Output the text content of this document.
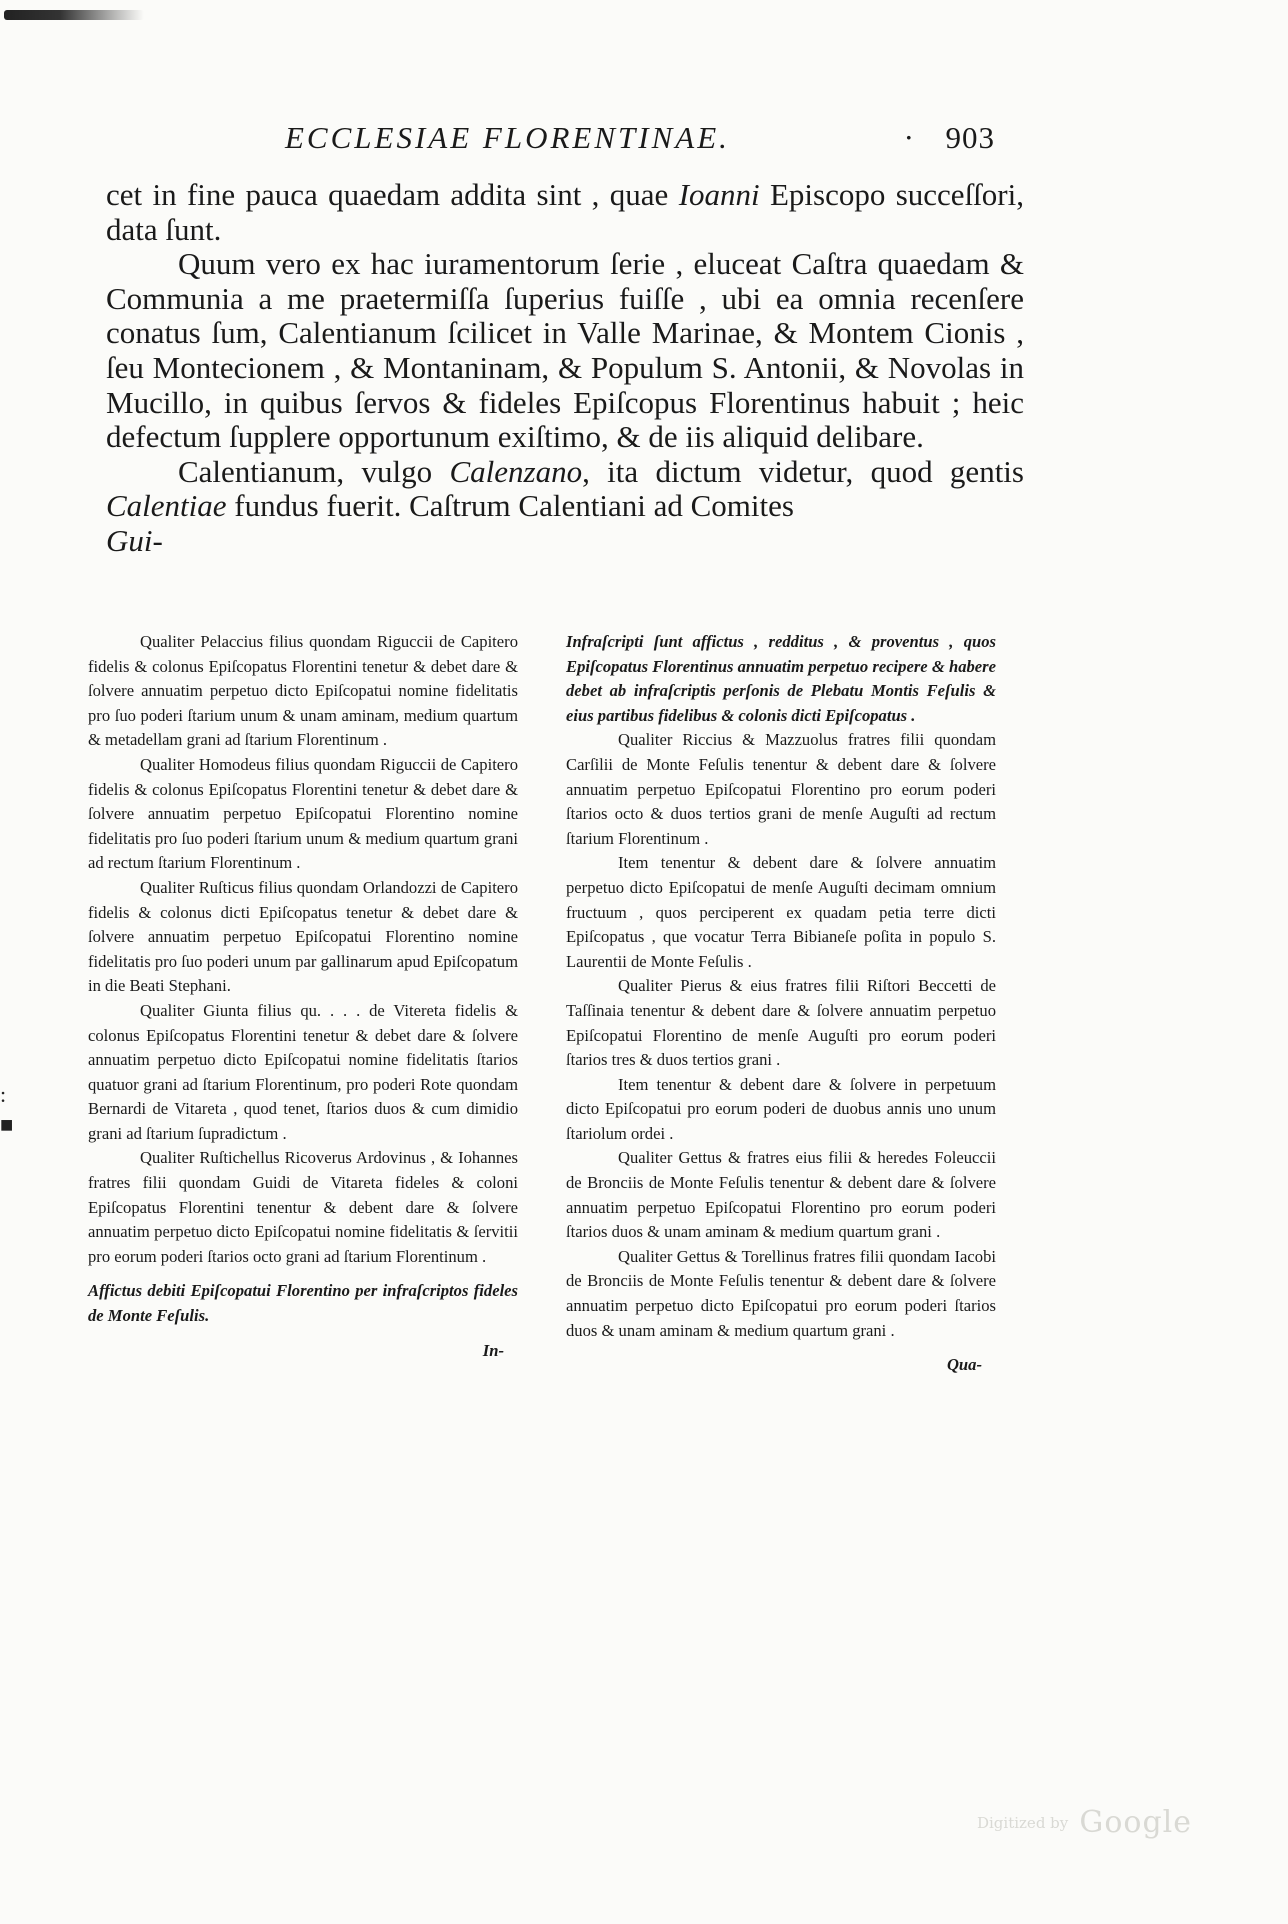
ECCLESIAE FLORENTINAE.	· 903

cet in fine pauca quaedam addita sint , quae Ioanni Episcopo succeſſori, data ſunt.

Quum vero ex hac iuramentorum ſerie , eluceat Caſtra quaedam & Communia a me praetermiſſa ſuperius fuiſſe , ubi ea omnia recenſere conatus ſum, Calentianum ſcilicet in Valle Marinae, & Montem Cionis , ſeu Montecionem , & Montaninam, & Populum S. Antonii, & Novolas in Mucillo, in quibus ſervos & fideles Epiſcopus Florentinus habuit ; heic defectum ſupplere opportunum exiſtimo, & de iis aliquid delibare.

Calentianum, vulgo Calenzano, ita dictum videtur, quod gentis Calentiae fundus fuerit. Caſtrum Calentiani ad Comites

Gui-

:
■

Qualiter Pelaccius filius quondam Riguccii de Capitero fidelis & colonus Epiſcopatus Florentini tenetur & debet dare & ſolvere annuatim perpetuo dicto Epiſcopatui nomine fidelitatis pro ſuo poderi ſtarium unum & unam aminam, medium quartum & metadellam grani ad ſtarium Florentinum .

Qualiter Homodeus filius quondam Riguccii de Capitero fidelis & colonus Epiſcopatus Florentini tenetur & debet dare & ſolvere annuatim perpetuo Epiſcopatui Florentino nomine fidelitatis pro ſuo poderi ſtarium unum & medium quartum grani ad rectum ſtarium Florentinum .

Qualiter Ruſticus filius quondam Orlandozzi de Capitero fidelis & colonus dicti Epiſcopatus tenetur & debet dare & ſolvere annuatim perpetuo Epiſcopatui Florentino nomine fidelitatis pro ſuo poderi unum par gallinarum apud Epiſcopatum in die Beati Stephani.

Qualiter Giunta filius qu. . . . de Vitereta fidelis & colonus Epiſcopatus Florentini tenetur & debet dare & ſolvere annuatim perpetuo dicto Epiſcopatui nomine fidelitatis ſtarios quatuor grani ad ſtarium Florentinum, pro poderi Rote quondam Bernardi de Vitareta , quod tenet, ſtarios duos & cum dimidio grani ad ſtarium ſupradictum .

Qualiter Ruſtichellus Ricoverus Ardovinus , & Iohannes fratres filii quondam Guidi de Vitareta fideles & coloni Epiſcopatus Florentini tenentur & debent dare & ſolvere annuatim perpetuo dicto Epiſcopatui nomine fidelitatis & ſervitii pro eorum poderi ſtarios octo grani ad ſtarium Florentinum .

Affictus debiti Epiſcopatui Florentino per infraſcriptos fideles de Monte Feſulis.

In-

Infraſcripti ſunt affictus , redditus , & proventus , quos Epiſcopatus Florentinus annuatim perpetuo recipere & habere debet ab infraſcriptis perſonis de Plebatu Montis Feſulis & eius partibus fidelibus & colonis dicti Epiſcopatus .

Qualiter Riccius & Mazzuolus fratres filii quondam Carſilii de Monte Feſulis tenentur & debent dare & ſolvere annuatim perpetuo Epiſcopatui Florentino pro eorum poderi ſtarios octo & duos tertios grani de menſe Auguſti ad rectum ſtarium Florentinum .

Item tenentur & debent dare & ſolvere annuatim perpetuo dicto Epiſcopatui de menſe Auguſti decimam omnium fructuum , quos perciperent ex quadam petia terre dicti Epiſcopatus , que vocatur Terra Bibianeſe poſita in populo S. Laurentii de Monte Feſulis .

Qualiter Pierus & eius fratres filii Riſtori Beccetti de Taſſinaia tenentur & debent dare & ſolvere annuatim perpetuo Epiſcopatui Florentino de menſe Auguſti pro eorum poderi ſtarios tres & duos tertios grani .

Item tenentur & debent dare & ſolvere in perpetuum dicto Epiſcopatui pro eorum poderi de duobus annis uno unum ſtariolum ordei .

Qualiter Gettus & fratres eius filii & heredes Foleuccii de Bronciis de Monte Feſulis tenentur & debent dare & ſolvere annuatim perpetuo Epiſcopatui Florentino pro eorum poderi ſtarios duos & unam aminam & medium quartum grani .

Qualiter Gettus & Torellinus fratres filii quondam Iacobi de Bronciis de Monte Feſulis tenentur & debent dare & ſolvere annuatim perpetuo dicto Epiſcopatui pro eorum poderi ſtarios duos & unam aminam & medium quartum grani .

Qua-
Digitized by Google
